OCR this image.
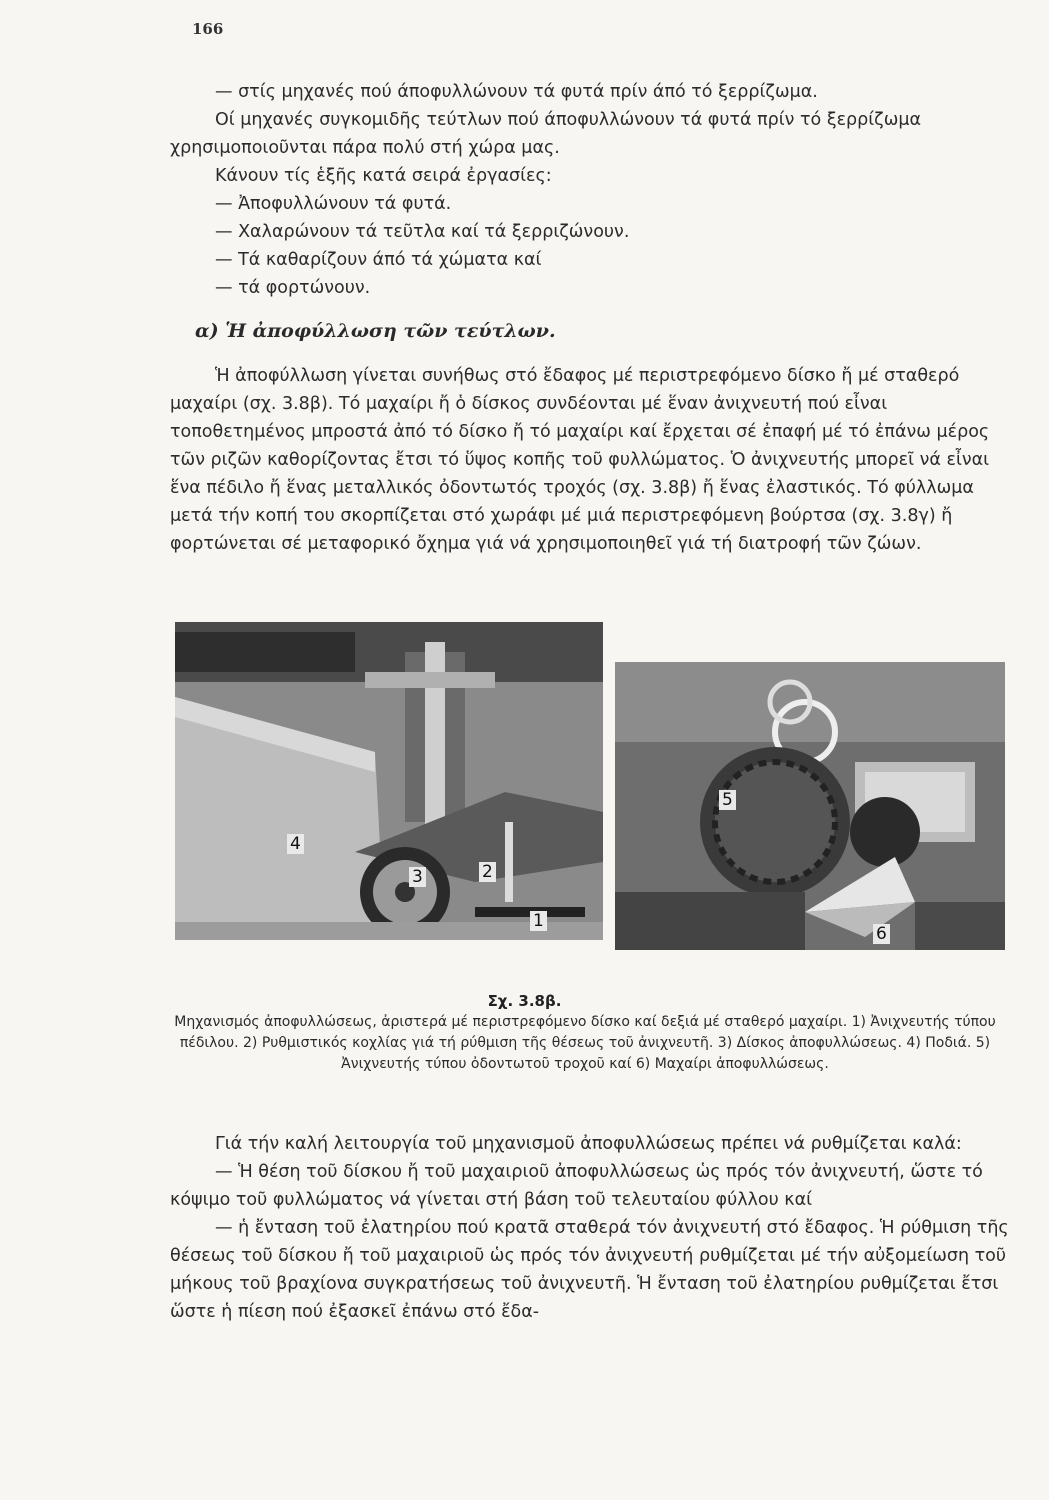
166

— στίς μηχανές πού άποφυλλώνουν τά φυτά πρίν άπό τό ξερρίζωμα.

Οί μηχανές συγκομιδῆς τεύτλων πού άποφυλλώνουν τά φυτά πρίν τό ξερρίζωμα χρησιμοποιοῦνται πάρα πολύ στή χώρα μας.

Κάνουν τίς ἑξῆς κατά σειρά ἐργασίες:

— Ἀποφυλλώνουν τά φυτά.

— Χαλαρώνουν τά τεῦτλα καί τά ξερριζώνουν.

— Τά καθαρίζουν άπό τά χώματα καί

— τά φορτώνουν.

α) Ἡ ἀποφύλλωση τῶν τεύτλων.

Ἡ ἀποφύλλωση γίνεται συνήθως στό ἔδαφος μέ περιστρεφόμενο δίσκο ἤ μέ σταθερό μαχαίρι (σχ. 3.8β). Τό μαχαίρι ἤ ὁ δίσκος συνδέονται μέ ἕναν ἀνιχνευτή πού εἶναι τοποθετημένος μπροστά ἀπό τό δίσκο ἤ τό μαχαίρι καί ἔρχεται σέ ἐπαφή μέ τό ἐπάνω μέρος τῶν ριζῶν καθορίζοντας ἔτσι τό ὕψος κοπῆς τοῦ φυλλώματος. Ὁ ἀνιχνευτής μπορεῖ νά εἶναι ἕνα πέδιλο ἤ ἕνας μεταλλικός ὀδοντωτός τροχός (σχ. 3.8β) ἤ ἕνας ἐλαστικός. Τό φύλλωμα μετά τήν κοπή του σκορπίζεται στό χωράφι μέ μιά περιστρεφόμενη βούρτσα (σχ. 3.8γ) ἤ φορτώνεται σέ μεταφορικό ὄχημα γιά νά χρησιμοποιηθεῖ γιά τή διατροφή τῶν ζώων.

4
3	2
1
5
6
Σχ. 3.8β.
Μηχανισμός ἀποφυλλώσεως, ἀριστερά μέ περιστρεφόμενο δίσκο καί δεξιά μέ σταθερό μαχαίρι. 1) Ἀνιχνευτής τύπου πέδιλου. 2) Ρυθμιστικός κοχλίας γιά τή ρύθμιση τῆς θέσεως τοῦ ἀνιχνευτῆ. 3) Δίσκος ἀποφυλλώσεως. 4) Ποδιά. 5) Ἀνιχνευτής τύπου ὀδοντωτοῦ τροχοῦ καί 6) Μαχαίρι ἀποφυλλώσεως.

Γιά τήν καλή λειτουργία τοῦ μηχανισμοῦ ἀποφυλλώσεως πρέπει νά ρυθμίζεται καλά:

— Ἡ θέση τοῦ δίσκου ἤ τοῦ μαχαιριοῦ ἀποφυλλώσεως ὡς πρός τόν ἀνιχνευτή, ὥστε τό κόψιμο τοῦ φυλλώματος νά γίνεται στή βάση τοῦ τελευταίου φύλλου καί

— ἡ ἔνταση τοῦ ἐλατηρίου πού κρατᾶ σταθερά τόν ἀνιχνευτή στό ἔδαφος. Ἡ ρύθμιση τῆς θέσεως τοῦ δίσκου ἤ τοῦ μαχαιριοῦ ὡς πρός τόν ἀνιχνευτή ρυθμίζεται μέ τήν αὐξομείωση τοῦ μήκους τοῦ βραχίονα συγκρατήσεως τοῦ ἀνιχνευτῆ. Ἡ ἔνταση τοῦ ἐλατηρίου ρυθμίζεται ἔτσι ὥστε ἡ πίεση πού ἐξασκεῖ ἐπάνω στό ἔδα-
